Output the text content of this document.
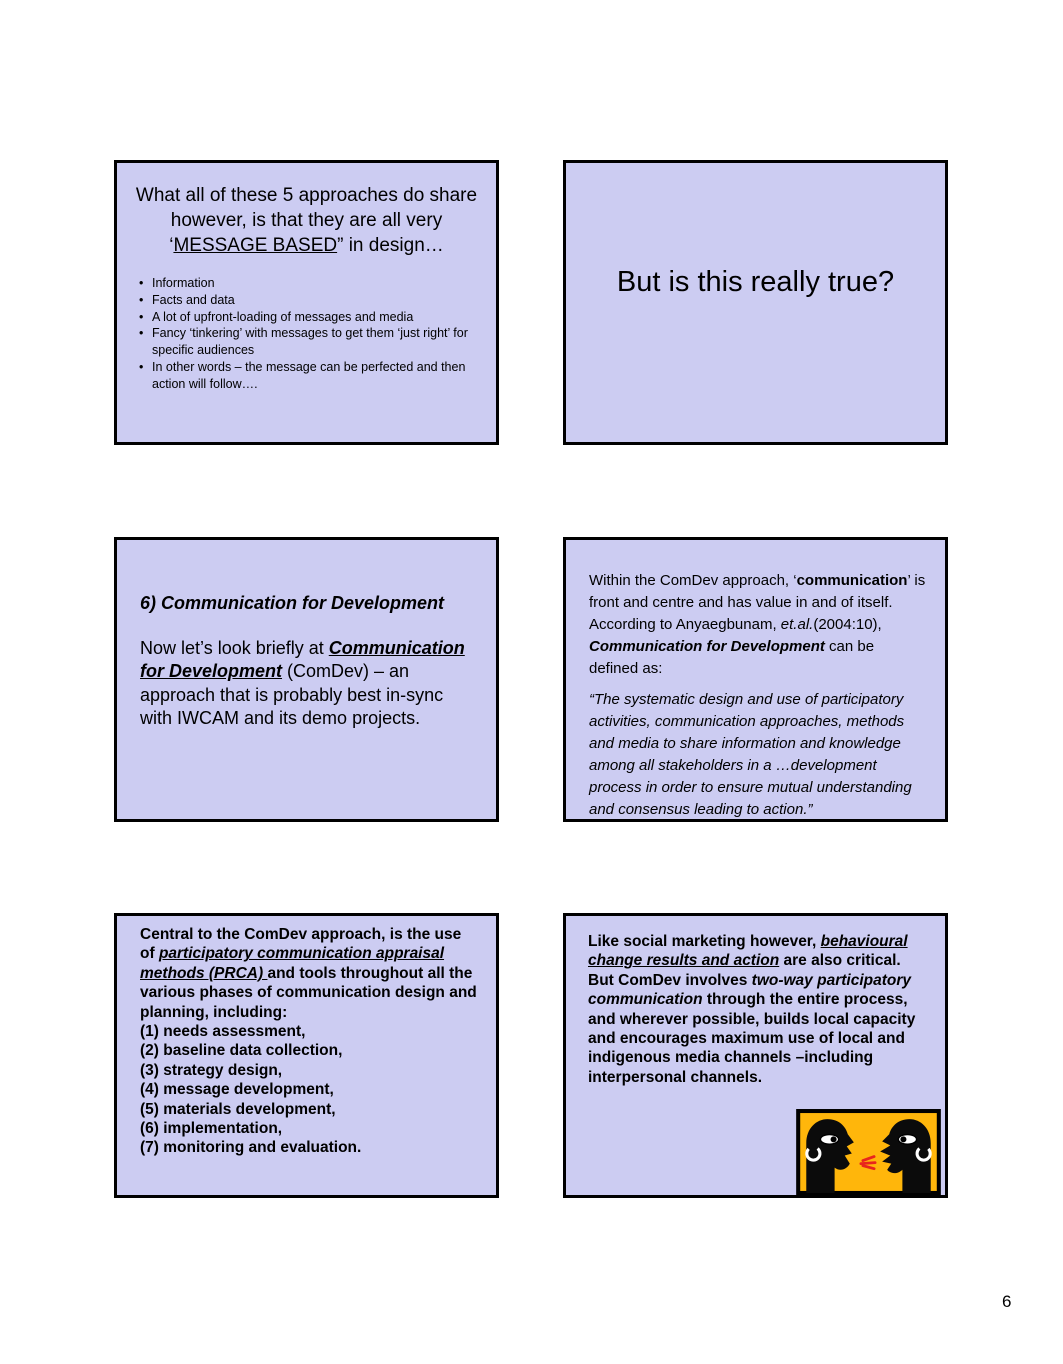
What all of these 5 approaches do share however, is that they are all very ‘MESSAGE BASED” in design…
• Information
• Facts and data
• A lot of upfront-loading of messages and media
• Fancy ‘tinkering’ with messages to get them ‘just right’ for specific audiences
• In other words – the message can be perfected and then action will follow….
But is this really true?
6) Communication for Development
Now let’s look briefly at Communication for Development (ComDev) – an approach that is probably best in-sync with IWCAM and its demo projects.
Within the ComDev approach, ‘communication’ is front and centre and has value in and of itself. According to Anyaegbunam, et.al.(2004:10), Communication for Development can be defined as:
“The systematic design and use of participatory activities, communication approaches, methods and media to share information and knowledge among all stakeholders in a …development process in order to ensure mutual understanding and consensus leading to action.”
Central to the ComDev approach, is the use of participatory communication appraisal methods (PRCA) and tools throughout all the various phases of communication design and planning, including:
(1) needs assessment,
(2) baseline data collection,
(3) strategy design,
(4) message development,
(5) materials development,
(6) implementation,
(7) monitoring and evaluation.
Like social marketing however, behavioural change results and action are also critical. But ComDev involves two-way participatory communication through the entire process, and wherever possible, builds local capacity and encourages maximum use of local and indigenous media channels –including interpersonal channels.
6
